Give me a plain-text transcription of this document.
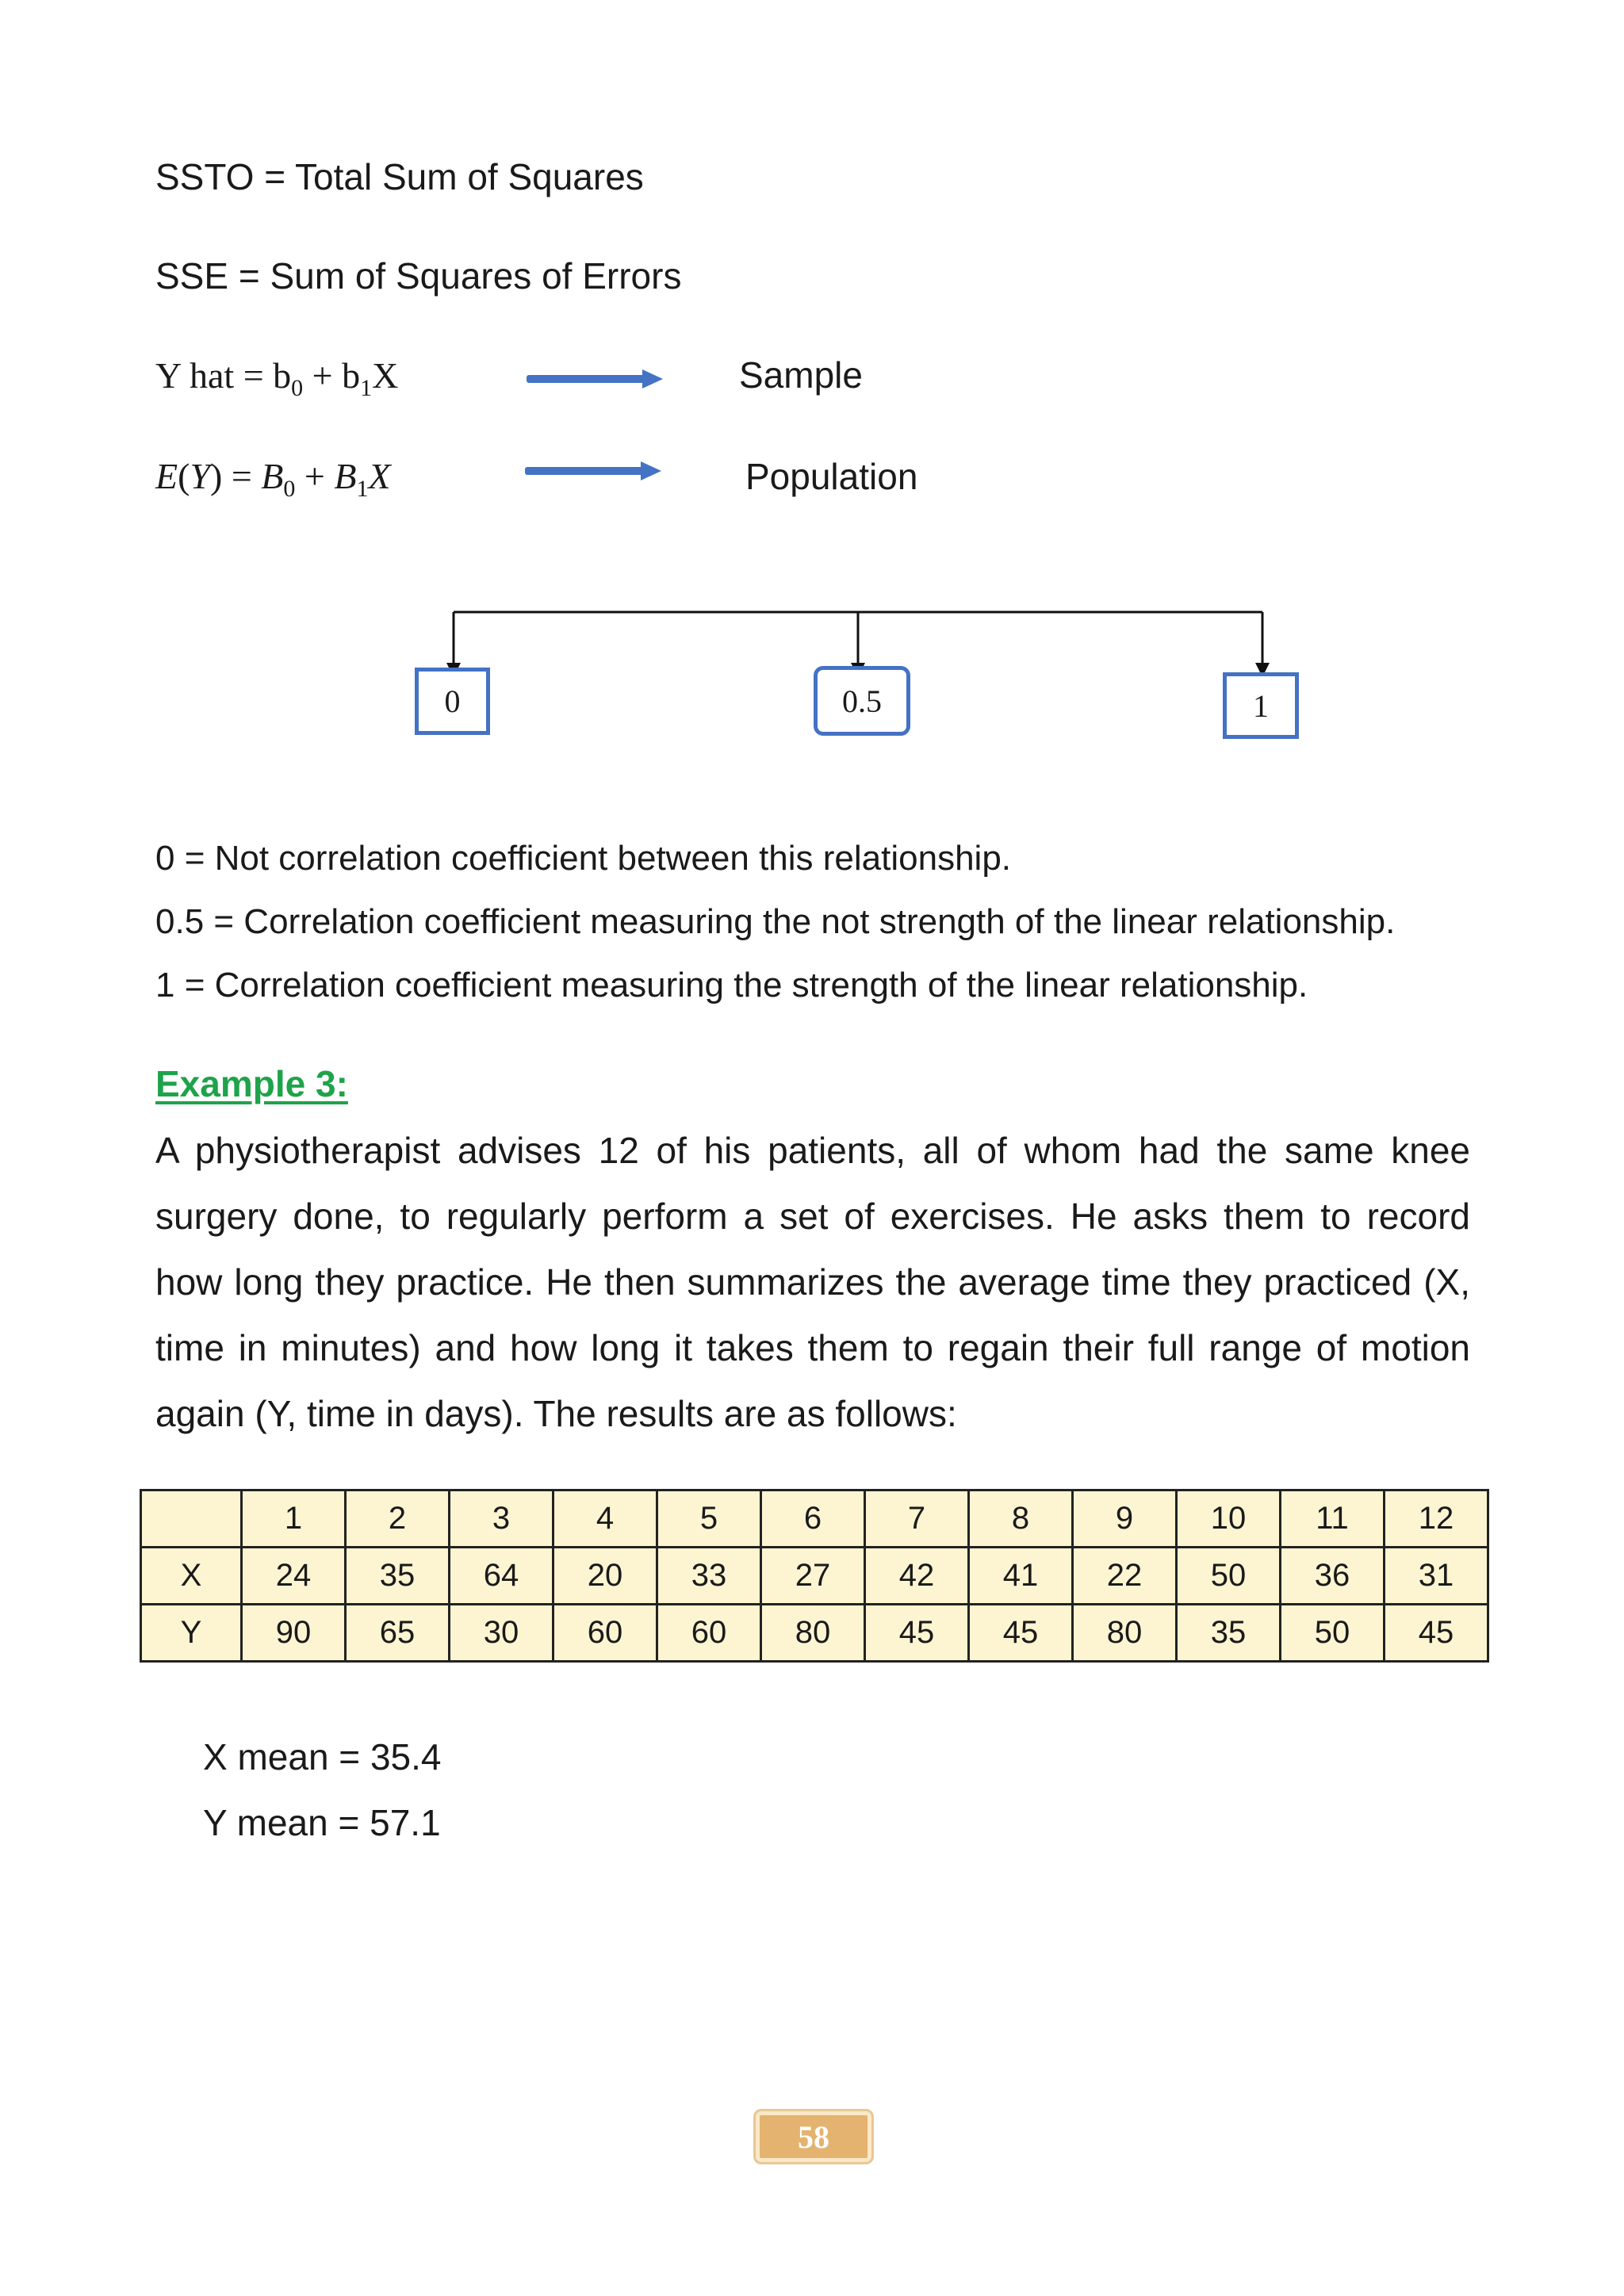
SSTO = Total Sum of Squares
SSE = Sum of Squares of Errors
Y hat = $b_0 + b_1X$	Sample
$E(Y) = B_0 + B_1X$	Population
0	0.5	1
0 = Not correlation coefficient between this relationship.
0.5 = Correlation coefficient measuring the not strength of the linear relationship.
1 = Correlation coefficient measuring the strength of the linear relationship.
Example 3:

A physiotherapist advises 12 of his patients, all of whom had the same knee surgery done, to regularly perform a set of exercises. He asks them to record how long they practice. He then summarizes the average time they practiced (X, time in minutes) and how long it takes them to regain their full range of motion again (Y, time in days). The results are as follows:

	1	2	3	4	5	6	7	8	9	10	11	12
X	24	35	64	20	33	27	42	41	22	50	36	31
Y	90	65	30	60	60	80	45	45	80	35	50	45
X mean = 35.4
Y mean = 57.1
58
